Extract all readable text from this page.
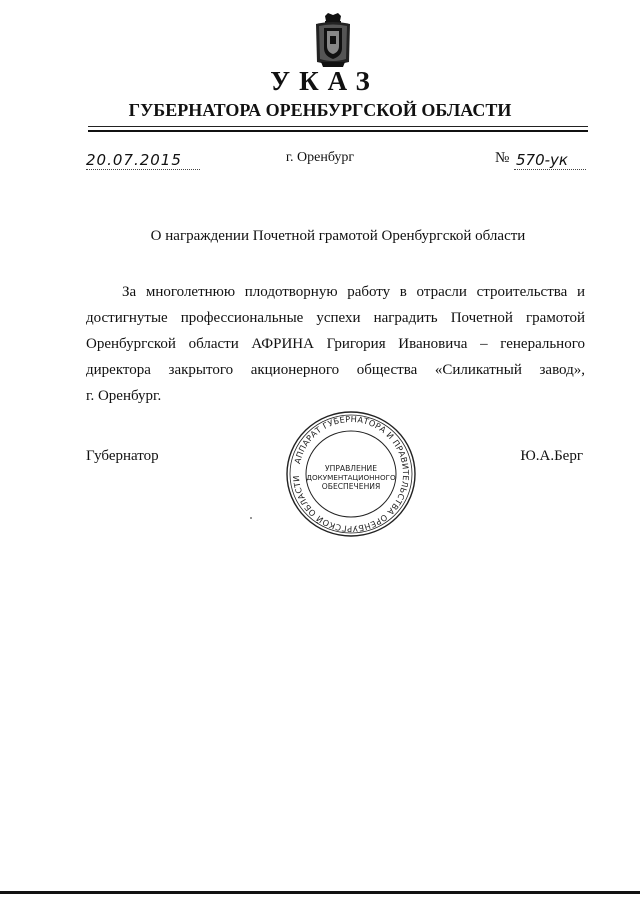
УКАЗ
ГУБЕРНАТОРА ОРЕНБУРГСКОЙ ОБЛАСТИ
20.07.2015	г. Оренбург	№ 570-ук
О награждении Почетной грамотой Оренбургской области
За многолетнюю плодотворную работу в отрасли строительства и
достигнутые профессиональные успехи наградить Почетной грамотой
Оренбургской области АФРИНА Григория Ивановича – генерального
директора закрытого акционерного общества «Силикатный завод»,
г. Оренбург.
Губернатор	Ю.А.Берг
АППАРАТ ГУБЕРНАТОРА И ПРАВИТЕЛЬСТВА ОРЕНБУРГСКОЙ ОБЛАСТИ
УПРАВЛЕНИЕ
ДОКУМЕНТАЦИОННОГО
ОБЕСПЕЧЕНИЯ
